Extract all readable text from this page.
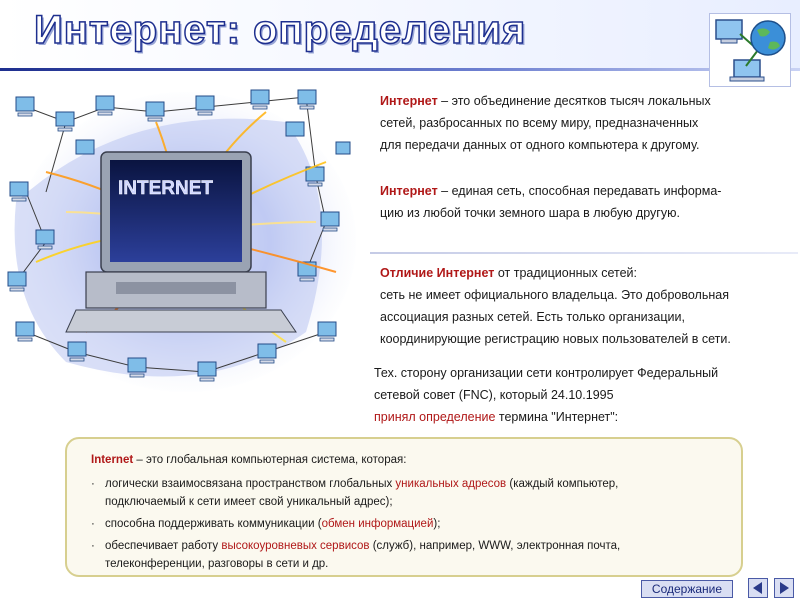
Интернет: определения
INTERNET
Интернет – это объединение десятков тысяч локальных
сетей, разбросанных по всему миру, предназначенных
для передачи данных от одного компьютера к другому.
Интернет – единая сеть, способная передавать информа-
цию из любой точки земного шара в любую другую.
Отличие Интернет от традиционных сетей:
сеть не имеет официального владельца. Это добровольная
ассоциация разных сетей. Есть только организации,
координирующие регистрацию новых пользователей в сети.
Тех. сторону организации сети контролирует Федеральный
сетевой совет (FNC), который 24.10.1995
принял определение термина "Интернет":
Internet – это глобальная компьютерная система, которая:
· логически взаимосвязана пространством глобальных уникальных адресов (каждый компьютер,
подключаемый к сети имеет свой уникальный адрес);
· способна поддерживать коммуникации (обмен информацией);
· обеспечивает работу высокоуровневых сервисов (служб), например, WWW, электронная почта,
телеконференции, разговоры в сети и др.
Содержание
